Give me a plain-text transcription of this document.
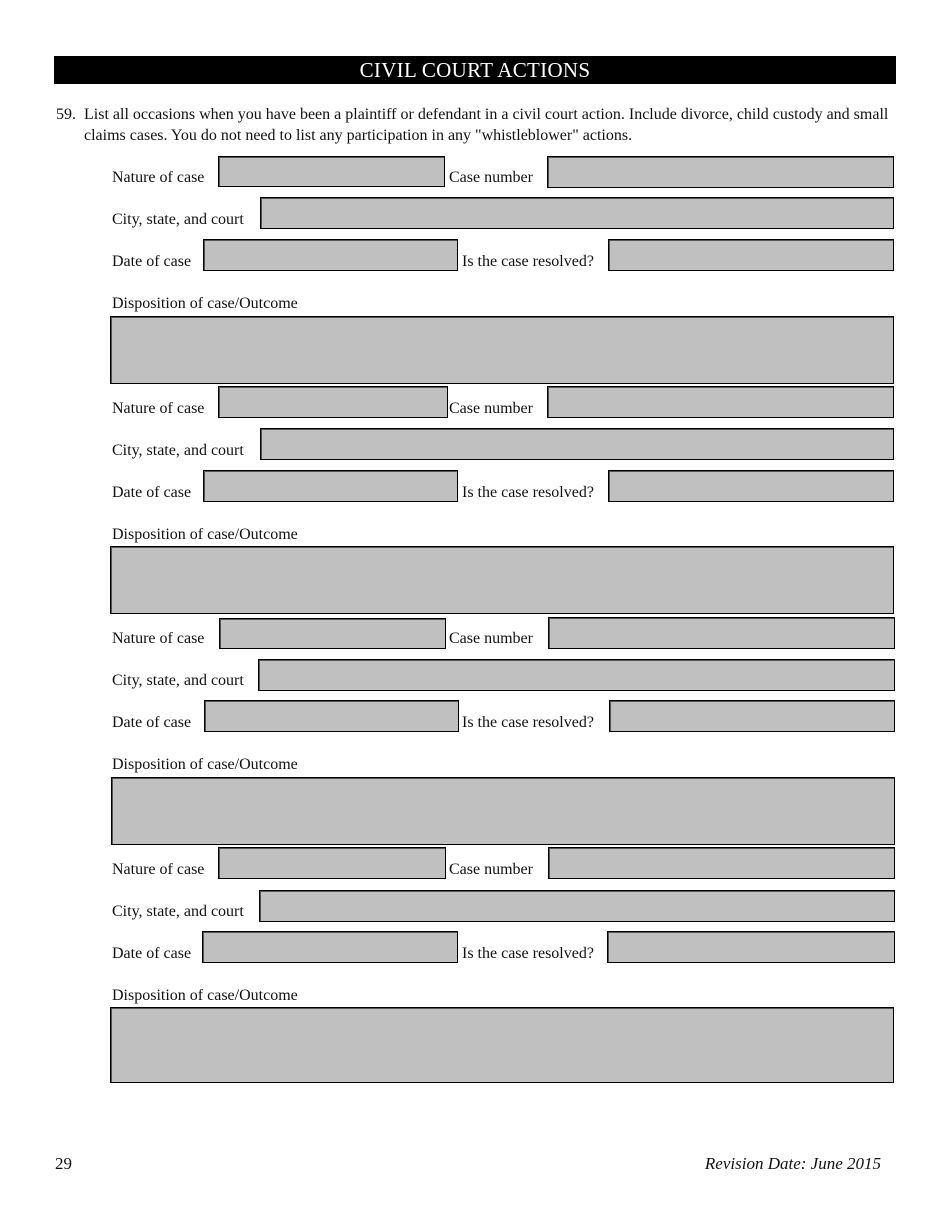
CIVIL COURT ACTIONS
59. List all occasions when you have been a plaintiff or defendant in a civil court action. Include divorce, child custody and small claims cases. You do not need to list any participation in any "whistleblower" actions.
Nature of case	Case number
City, state, and court
Date of case	Is the case resolved?
Disposition of case/Outcome
Nature of case	Case number
City, state, and court
Date of case	Is the case resolved?
Disposition of case/Outcome
Nature of case	Case number
City, state, and court
Date of case	Is the case resolved?
Disposition of case/Outcome
Nature of case	Case number
City, state, and court
Date of case	Is the case resolved?
Disposition of case/Outcome
29	Revision Date: June 2015
